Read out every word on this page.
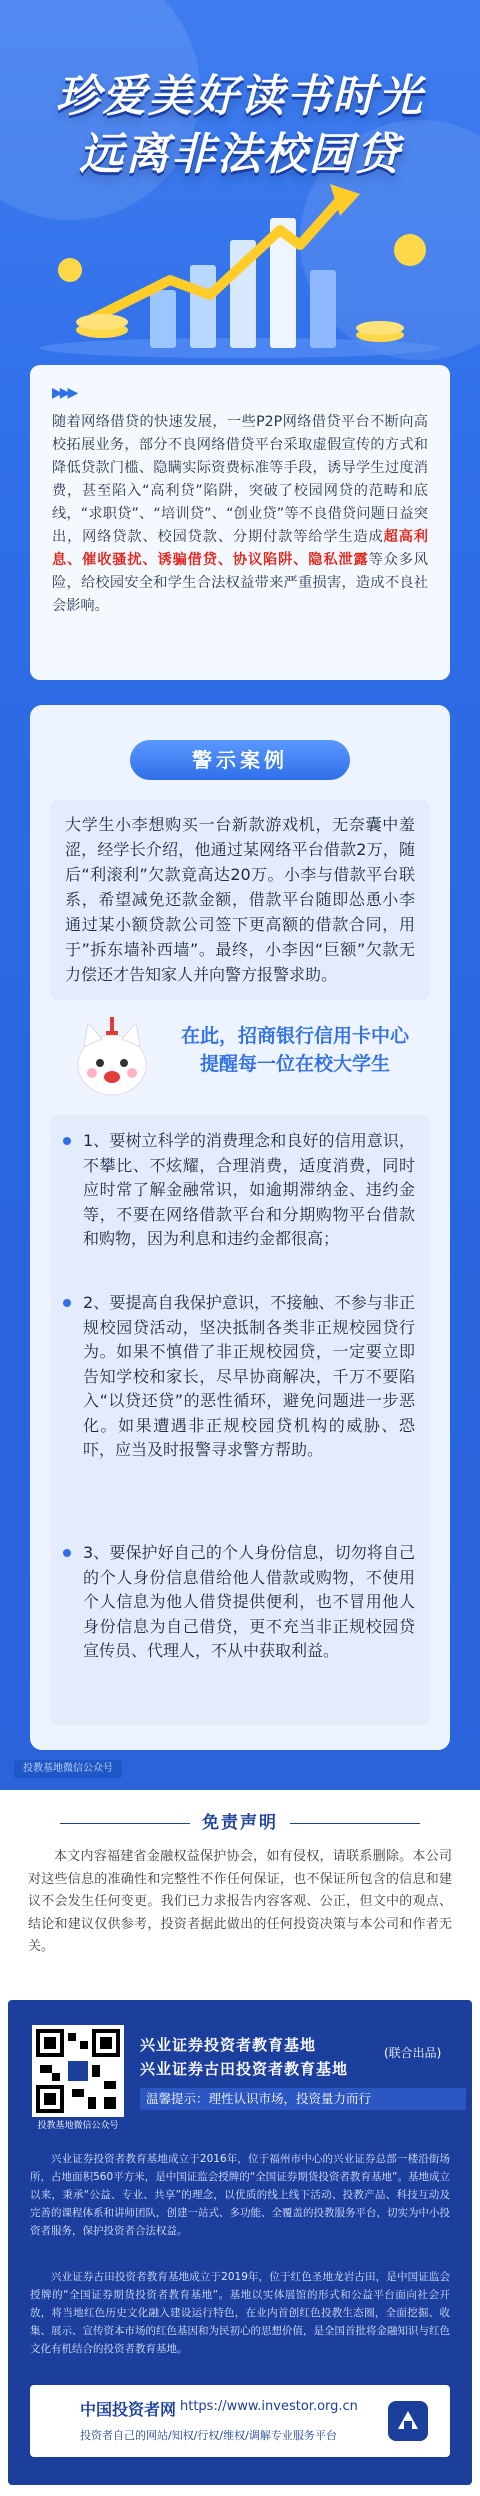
珍爱美好读书时光
远离非法校园贷
▶▶▶
随着网络借贷的快速发展，一些P2P网络借贷平台不断向高校拓展业务，部分不良网络借贷平台采取虚假宣传的方式和降低贷款门槛、隐瞒实际资费标准等手段，诱导学生过度消费，甚至陷入“高利贷”陷阱，突破了校园网贷的范畴和底线，“求职贷”、“培训贷”、“创业贷”等不良借贷问题日益突出，网络贷款、校园贷款、分期付款等给学生造成超高利息、催收骚扰、诱骗借贷、协议陷阱、隐私泄露等众多风险，给校园安全和学生合法权益带来严重损害，造成不良社会影响。
警示案例
大学生小李想购买一台新款游戏机，无奈囊中羞涩，经学长介绍，他通过某网络平台借款2万，随后“利滚利”欠款竟高达20万。小李与借款平台联系，希望减免还款金额，借款平台随即怂恿小李通过某小额贷款公司签下更高额的借款合同，用于”拆东墙补西墙”。最终，小李因“巨额”欠款无力偿还才告知家人并向警方报警求助。
在此，招商银行信用卡中心
提醒每一位在校大学生
1、要树立科学的消费理念和良好的信用意识，不攀比、不炫耀，合理消费，适度消费，同时应时常了解金融常识，如逾期滞纳金、违约金等，不要在网络借款平台和分期购物平台借款和购物，因为利息和违约金都很高；
2、要提高自我保护意识，不接触、不参与非正规校园贷活动，坚决抵制各类非正规校园贷行为。如果不慎借了非正规校园贷，一定要立即告知学校和家长，尽早协商解决，千万不要陷入“以贷还贷”的恶性循环，避免问题进一步恶化。如果遭遇非正规校园贷机构的威胁、恐吓，应当及时报警寻求警方帮助。
3、要保护好自己的个人身份信息，切勿将自己的个人身份信息借给他人借款或购物，不使用个人信息为他人借贷提供便利，也不冒用他人身份信息为自己借贷，更不充当非正规校园贷宣传员、代理人，不从中获取利益。
投教基地微信公众号
免责声明
本文内容福建省金融权益保护协会，如有侵权，请联系删除。本公司对这些信息的准确性和完整性不作任何保证，也不保证所包含的信息和建议不会发生任何变更。我们已力求报告内容客观、公正，但文中的观点、结论和建议仅供参考，投资者据此做出的任何投资决策与本公司和作者无关。
投教基地微信公众号
兴业证券投资者教育基地
兴业证券古田投资者教育基地
(联合出品)
温馨提示：理性认识市场，投资量力而行
兴业证券投资者教育基地成立于2016年，位于福州市中心的兴业证券总部一楼沿街场所，占地面积560平方米，是中国证监会授牌的“全国证券期货投资者教育基地”。基地成立以来，秉承“公益、专业、共享”的理念，以优质的线上线下活动、投教产品、科技互动及完善的课程体系和讲师团队，创建一站式、多功能、全覆盖的投教服务平台，切实为中小投资者服务，保护投资者合法权益。
兴业证券古田投资者教育基地成立于2019年，位于红色圣地龙岩古田，是中国证监会授牌的“全国证券期货投资者教育基地”。基地以实体展馆的形式和公益平台面向社会开放，将当地红色历史文化融入建设运行特色，在业内首创红色投教生态圈，全面挖掘、收集、展示、宣传资本市场的红色基因和为民初心的思想价值，是全国首批将金融知识与红色文化有机结合的投资者教育基地。
中国投资者网 https://www.investor.org.cn
投资者自己的网站/知权/行权/维权/调解专业服务平台
